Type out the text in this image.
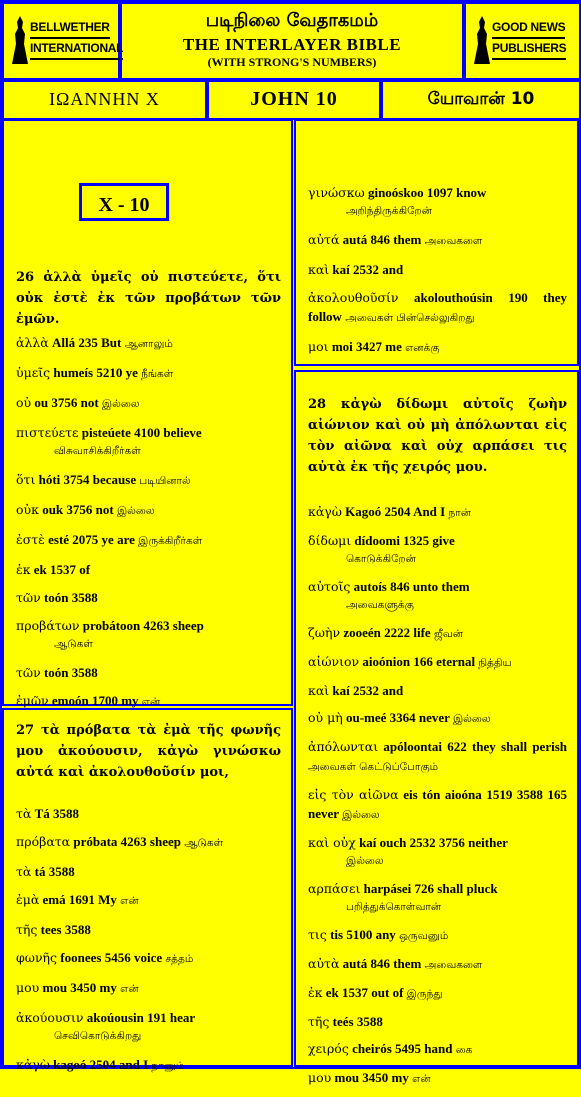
BELLWETHER
INTERNATIONAL
படிநிலை வேதாகமம்
THE INTERLAYER BIBLE
(WITH STRONG'S NUMBERS)
GOOD NEWS
PUBLISHERS
ΙΩΑΝΝΗΝ Χ	JOHN 10	யோவான் 10
X - 10
26 ἀλλὰ ὑμεῖς οὐ πιστεύετε, ὅτι οὐκ ἐστὲ ἐκ τῶν προβάτων τῶν ἐμῶν.
ἀλλὰ Allá 235 But ஆனாலும்
ὑμεῖς humeís 5210 ye நீங்கள்
οὐ ou 3756 not இல்லை
πιστεύετε pisteúete 4100 believe
விசுவாசிக்கிறீர்கள்
ὅτι hóti 3754 because படியினால்
οὐκ ouk 3756 not இல்லை
ἐστὲ esté 2075 ye are இருக்கிறீர்கள்
ἐκ ek 1537 of
τῶν toón 3588
προβάτων probátoon 4263 sheep
ஆடுகள்
τῶν toón 3588
ἐμῶν emoón 1700 my என்
27 τὰ πρόβατα τὰ ἐμὰ τῆς φωνῆς μου ἀκούουσιν, κἀγὼ γινώσκω αὐτά καὶ ἀκολουθοῦσίν μοι,
τὰ Tá 3588
πρόβατα próbata 4263 sheep ஆடுகள்
τὰ tá 3588
ἐμὰ emá 1691 My என்
τῆς tees 3588
φωνῆς foonees 5456 voice சத்தம்
μου mou 3450 my என்
ἀκούουσιν akoúousin 191 hear
செவிகொடுக்கிறது
κἀγὼ kagoó 2504 and I நானும்
γινώσκω ginoóskoo 1097 know
அறிந்திருக்கிறேன்
αὐτά autá 846 them அவைகளை
καὶ kaí 2532 and
ἀκολουθοῦσίν akolouthoúsin 190 they follow அவைகள் பின்செல்லுகிறது
μοι moi 3427 me எனக்கு
28 κἀγὼ δίδωμι αὐτοῖς ζωὴν αἰώνιον καὶ οὐ μὴ ἀπόλωνται εἰς τὸν αἰῶνα καὶ οὐχ αρπάσει τις αὐτὰ ἐκ τῆς χειρός μου.
κἀγὼ Kagoó 2504 And I நான்
δίδωμι dídoomi 1325 give
கொடுக்கிறேன்
αὐτοῖς autoís 846 unto them
அவைகளுக்கு
ζωὴν zooeén 2222 life ஜீவன்
αἰώνιον aioónion 166 eternal நித்திய
καὶ kaí 2532 and
οὐ μὴ ou-meé 3364 never இல்லை
ἀπόλωνται apóloontai 622 they shall perish அவைகள் கெட்டுப்போகும்
εἰς τὸν αἰῶνα eis tón aioóna 1519 3588 165 never இல்லை
καὶ οὐχ kaí ouch 2532 3756 neither
இல்லை
αρπάσει harpásei 726 shall pluck
பறித்துக்கொள்வான்
τις tis 5100 any ஒருவனும்
αὐτὰ autá 846 them அவைகளை
ἐκ ek 1537 out of இருந்து
τῆς teés 3588
χειρός cheirós 5495 hand கை
μου mou 3450 my என்
